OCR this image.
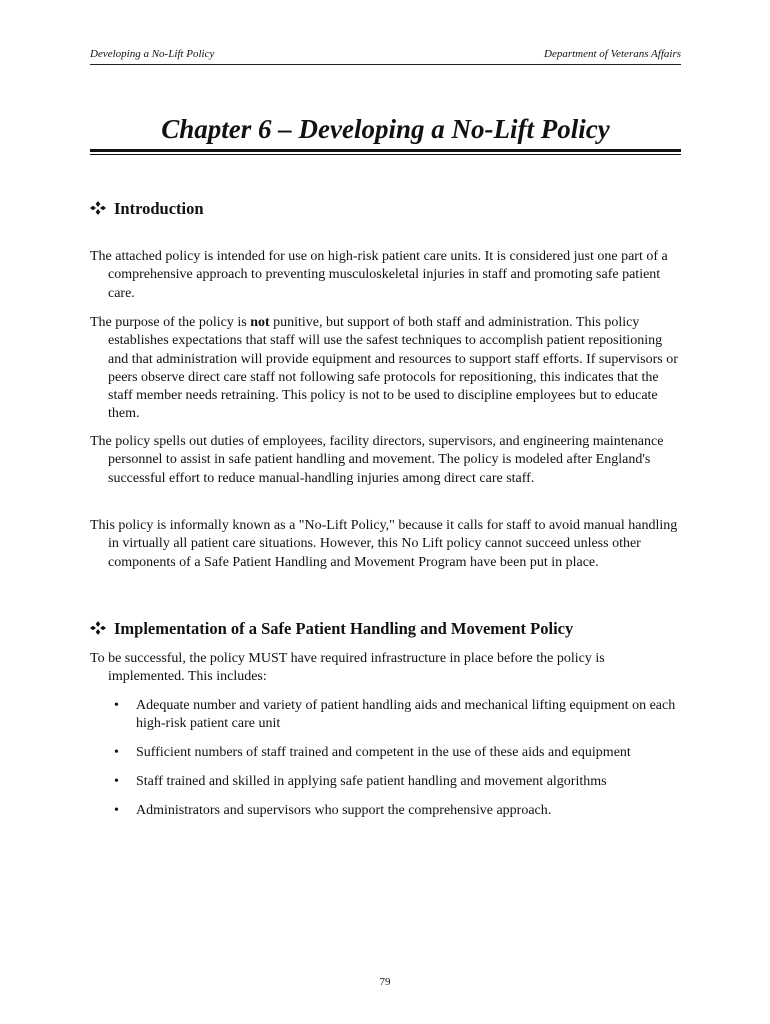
Developing a No-Lift Policy	Department of Veterans Affairs
Chapter 6 – Developing a No-Lift Policy
Introduction

The attached policy is intended for use on high-risk patient care units. It is considered just one part of a comprehensive approach to preventing musculoskeletal injuries in staff and promoting safe patient care.

The purpose of the policy is not punitive, but support of both staff and administration. This policy establishes expectations that staff will use the safest techniques to accomplish patient repositioning and that administration will provide equipment and resources to support staff efforts. If supervisors or peers observe direct care staff not following safe protocols for repositioning, this indicates that the staff member needs retraining. This policy is not to be used to discipline employees but to educate them.

The policy spells out duties of employees, facility directors, supervisors, and engineering maintenance personnel to assist in safe patient handling and movement. The policy is modeled after England's successful effort to reduce manual-handling injuries among direct care staff.

This policy is informally known as a "No-Lift Policy," because it calls for staff to avoid manual handling in virtually all patient care situations. However, this No Lift policy cannot succeed unless other components of a Safe Patient Handling and Movement Program have been put in place.

Implementation of a Safe Patient Handling and Movement Policy

To be successful, the policy MUST have required infrastructure in place before the policy is implemented. This includes:

• Adequate number and variety of patient handling aids and mechanical lifting equipment on each high-risk patient care unit
• Sufficient numbers of staff trained and competent in the use of these aids and equipment
• Staff trained and skilled in applying safe patient handling and movement algorithms
• Administrators and supervisors who support the comprehensive approach.
79
